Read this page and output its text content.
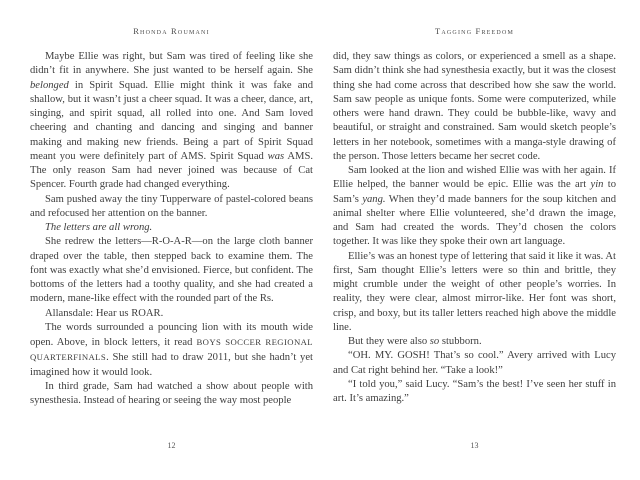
Rhonda Roumani

Maybe Ellie was right, but Sam was tired of feeling like she didn’t fit in anywhere. She just wanted to be herself again. She belonged in Spirit Squad. Ellie might think it was fake and shallow, but it wasn’t just a cheer squad. It was a cheer, dance, art, singing, and spirit squad, all rolled into one. And Sam loved cheering and chanting and dancing and singing and banner making and making new friends. Being a part of Spirit Squad meant you were definitely part of AMS. Spirit Squad was AMS. The only reason Sam had never joined was because of Cat Spencer. Fourth grade had changed everything.

Sam pushed away the tiny Tupperware of pastel-colored beans and refocused her attention on the banner.

The letters are all wrong.

She redrew the letters—R-O-A-R—on the large cloth banner draped over the table, then stepped back to examine them. The font was exactly what she’d envisioned. Fierce, but confident. The bottoms of the letters had a toothy quality, and she had created a modern, mane-like effect with the rounded part of the Rs.

Allansdale: Hear us ROAR.

The words surrounded a pouncing lion with its mouth wide open. Above, in block letters, it read BOYS SOCCER REGIONAL QUARTERFINALS. She still had to draw 2011, but she hadn’t yet imagined how it would look.

In third grade, Sam had watched a show about people with synesthesia. Instead of hearing or seeing the way most people

12
Tagging Freedom

did, they saw things as colors, or experienced a smell as a shape. Sam didn’t think she had synesthesia exactly, but it was the closest thing she had come across that described how she saw the world. Sam saw people as unique fonts. Some were computerized, while others were hand drawn. They could be bubble-like, wavy and beautiful, or straight and constrained. Sam would sketch people’s letters in her notebook, sometimes with a manga-style drawing of the person. Those letters became her secret code.

Sam looked at the lion and wished Ellie was with her again. If Ellie helped, the banner would be epic. Ellie was the art yin to Sam’s yang. When they’d made banners for the soup kitchen and animal shelter where Ellie volunteered, she’d drawn the image, and Sam had created the words. They’d chosen the colors together. It was like they spoke their own art language.

Ellie’s was an honest type of lettering that said it like it was. At first, Sam thought Ellie’s letters were so thin and brittle, they might crumble under the weight of other people’s worries. In reality, they were clear, almost mirror-like. Her font was short, crisp, and boxy, but its taller letters reached high above the middle line.

But they were also so stubborn.

“OH. MY. GOSH! That’s so cool.” Avery arrived with Lucy and Cat right behind her. “Take a look!”

“I told you,” said Lucy. “Sam’s the best! I’ve seen her stuff in art. It’s amazing.”

13
